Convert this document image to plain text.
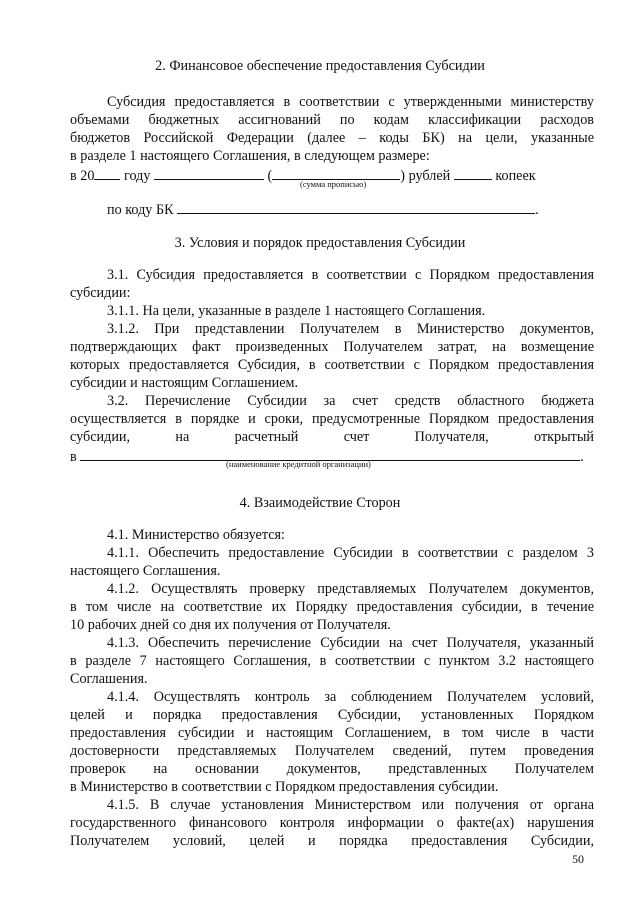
2. Финансовое обеспечение предоставления Субсидии
Субсидия предоставляется в соответствии с утвержденными министерству
объемами бюджетных ассигнований по кодам классификации расходов
бюджетов Российской Федерации (далее – коды БК) на цели, указанные
в разделе 1 настоящего Соглашения, в следующем размере:
в 20 году	(	) рублей	копеек
(сумма прописью)
по коду БК	.
3. Условия и порядок предоставления Субсидии
3.1. Субсидия предоставляется в соответствии с Порядком предоставления
субсидии:
3.1.1. На цели, указанные в разделе 1 настоящего Соглашения.
3.1.2. При представлении Получателем в Министерство документов,
подтверждающих факт произведенных Получателем затрат, на возмещение
которых предоставляется Субсидия, в соответствии с Порядком предоставления
субсидии и настоящим Соглашением.
3.2. Перечисление Субсидии за счет средств областного бюджета
осуществляется в порядке и сроки, предусмотренные Порядком предоставления
субсидии, на расчетный счет Получателя, открытый
в	.
(наименование кредитной организации)
4. Взаимодействие Сторон
4.1. Министерство обязуется:
4.1.1. Обеспечить предоставление Субсидии в соответствии с разделом 3
настоящего Соглашения.
4.1.2. Осуществлять проверку представляемых Получателем документов,
в том числе на соответствие их Порядку предоставления субсидии, в течение
10 рабочих дней со дня их получения от Получателя.
4.1.3. Обеспечить перечисление Субсидии на счет Получателя, указанный
в разделе 7 настоящего Соглашения, в соответствии с пунктом 3.2 настоящего
Соглашения.
4.1.4. Осуществлять контроль за соблюдением Получателем условий,
целей и порядка предоставления Субсидии, установленных Порядком
предоставления субсидии и настоящим Соглашением, в том числе в части
достоверности представляемых Получателем сведений, путем проведения
проверок на основании документов, представленных Получателем
в Министерство в соответствии с Порядком предоставления субсидии.
4.1.5. В случае установления Министерством или получения от органа
государственного финансового контроля информации о факте(ах) нарушения
Получателем условий, целей и порядка предоставления Субсидии,
50
